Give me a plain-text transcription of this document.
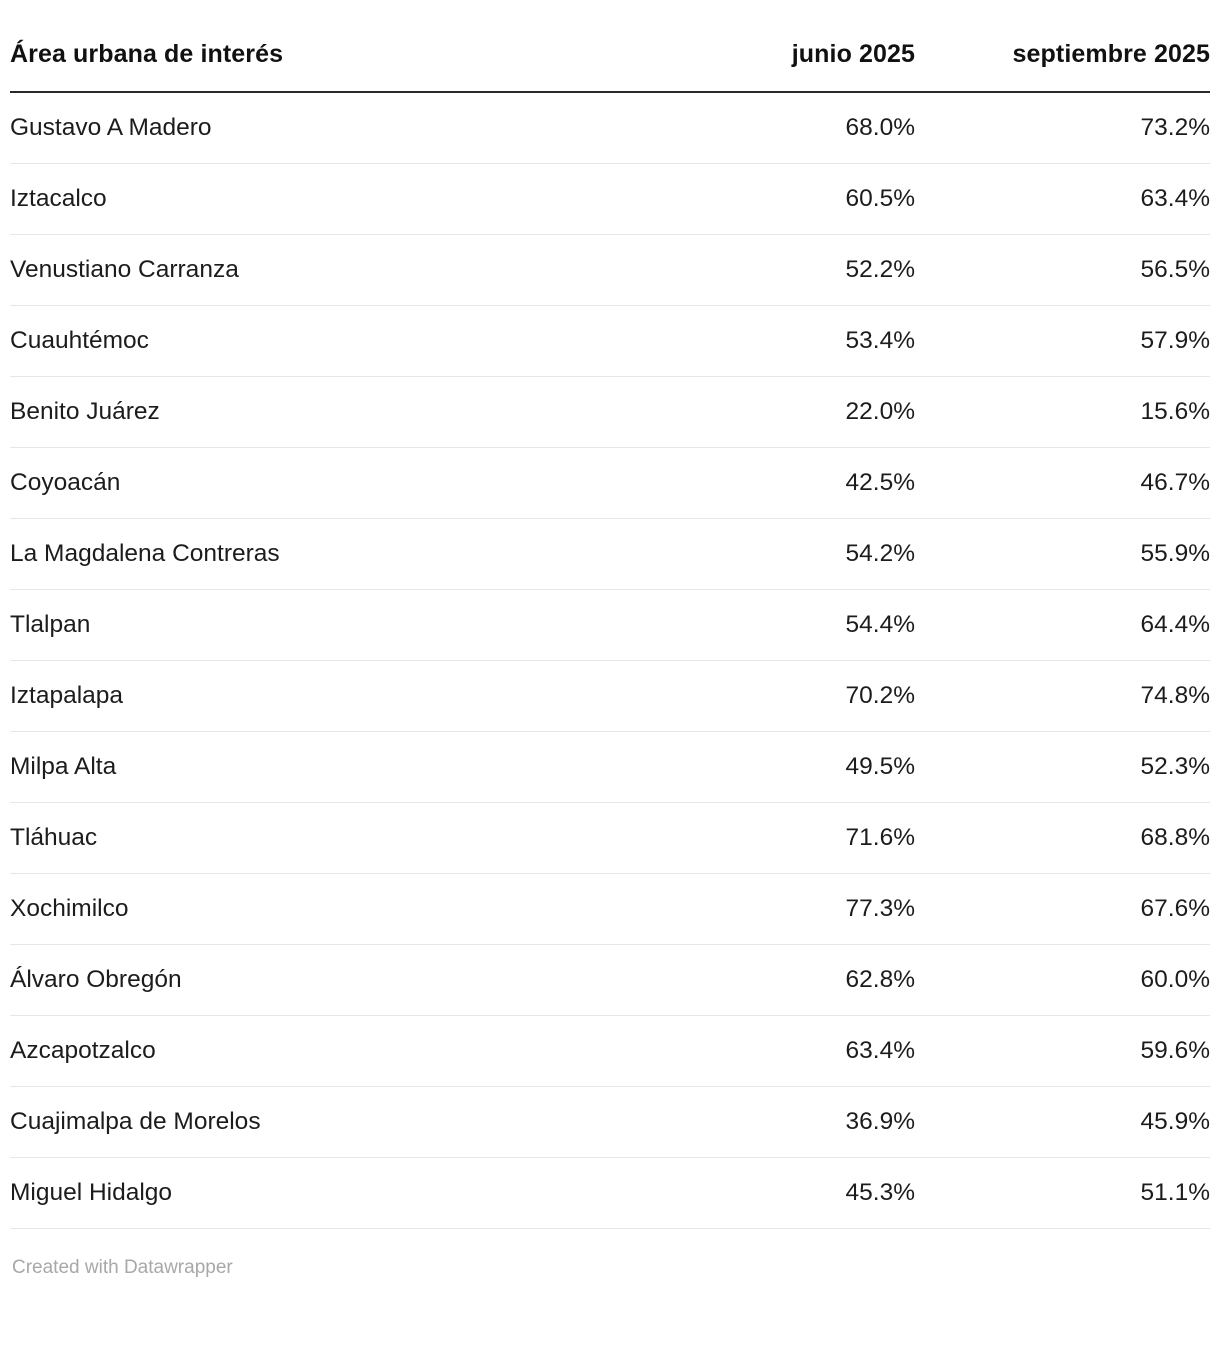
Área urbana de interés	junio 2025	septiembre 2025
Gustavo A Madero	68.0%	73.2%
Iztacalco	60.5%	63.4%
Venustiano Carranza	52.2%	56.5%
Cuauhtémoc	53.4%	57.9%
Benito Juárez	22.0%	15.6%
Coyoacán	42.5%	46.7%
La Magdalena Contreras	54.2%	55.9%
Tlalpan	54.4%	64.4%
Iztapalapa	70.2%	74.8%
Milpa Alta	49.5%	52.3%
Tláhuac	71.6%	68.8%
Xochimilco	77.3%	67.6%
Álvaro Obregón	62.8%	60.0%
Azcapotzalco	63.4%	59.6%
Cuajimalpa de Morelos	36.9%	45.9%
Miguel Hidalgo	45.3%	51.1%
Created with Datawrapper
